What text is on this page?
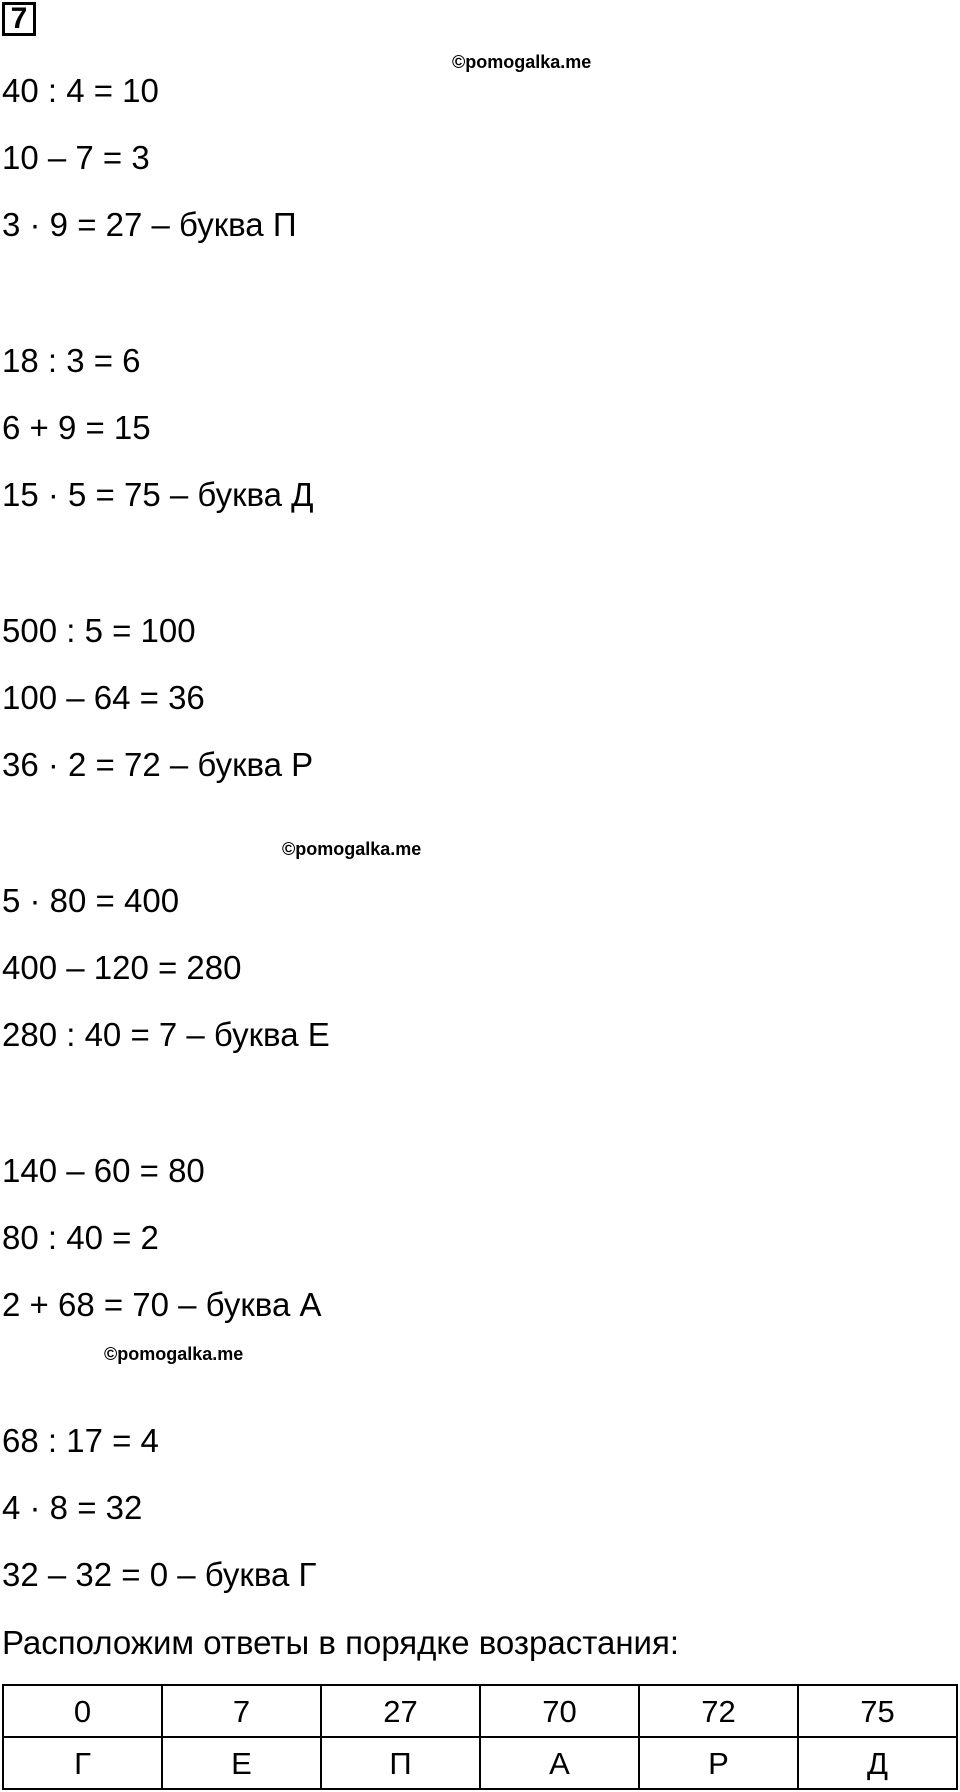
7
©pomogalka.me
©pomogalka.me
©pomogalka.me
40 : 4 = 10
10 – 7 = 3
3 · 9 = 27 – буква П
18 : 3 = 6
6 + 9 = 15
15 · 5 = 75 – буква Д
500 : 5 = 100
100 – 64 = 36
36 · 2 = 72 – буква Р
5 · 80 = 400
400 – 120 = 280
280 : 40 = 7 – буква Е
140 – 60 = 80
80 : 40 = 2
2 + 68 = 70 – буква А
68 : 17 = 4
4 · 8 = 32
32 – 32 = 0 – буква Г
Расположим ответы в порядке возрастания:
0	7	27	70	72	75
Г	Е	П	А	Р	Д
